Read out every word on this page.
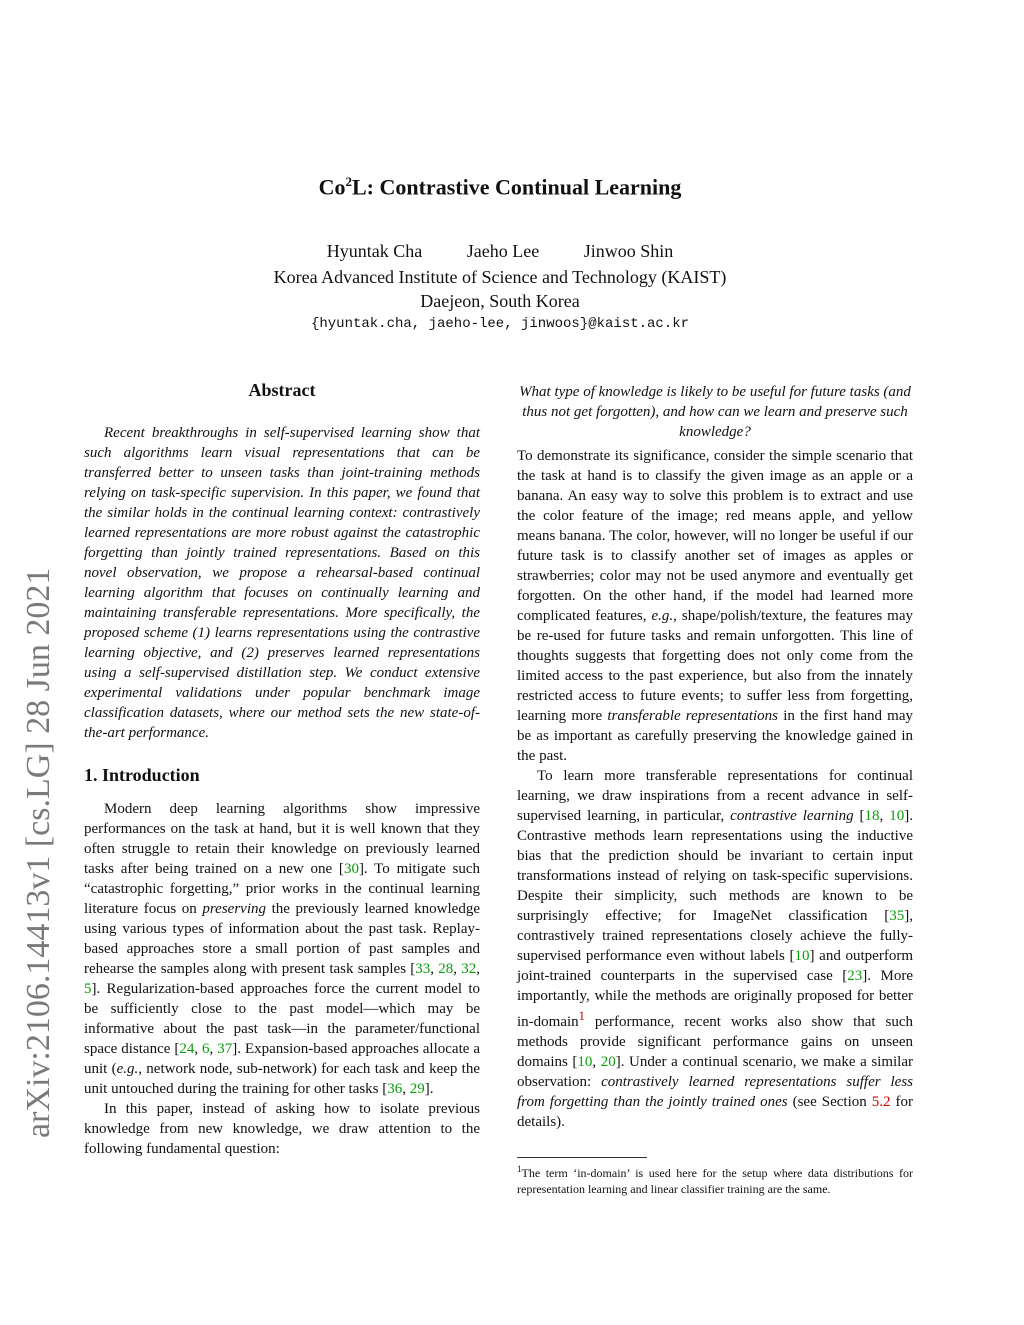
Co$^2$L: Contrastive Continual Learning
Hyuntak Cha Jaeho Lee Jinwoo Shin
Korea Advanced Institute of Science and Technology (KAIST)
Daejeon, South Korea
{hyuntak.cha, jaeho-lee, jinwoos}@kaist.ac.kr
arXiv:2106.14413v1 [cs.LG] 28 Jun 2021
Abstract

Recent breakthroughs in self-supervised learning show that such algorithms learn visual representations that can be transferred better to unseen tasks than joint-training methods relying on task-specific supervision. In this paper, we found that the similar holds in the continual learning context: contrastively learned representations are more robust against the catastrophic forgetting than jointly trained representations. Based on this novel observation, we propose a rehearsal-based continual learning algorithm that focuses on continually learning and maintaining transferable representations. More specifically, the proposed scheme (1) learns representations using the contrastive learning objective, and (2) preserves learned representations using a self-supervised distillation step. We conduct extensive experimental validations under popular benchmark image classification datasets, where our method sets the new state-of-the-art performance.

1. Introduction

Modern deep learning algorithms show impressive performances on the task at hand, but it is well known that they often struggle to retain their knowledge on previously learned tasks after being trained on a new one [30]. To mitigate such “catastrophic forgetting,” prior works in the continual learning literature focus on preserving the previously learned knowledge using various types of information about the past task. Replay-based approaches store a small portion of past samples and rehearse the samples along with present task samples [33, 28, 32, 5]. Regularization-based approaches force the current model to be sufficiently close to the past model—which may be informative about the past task—in the parameter/functional space distance [24, 6, 37]. Expansion-based approaches allocate a unit (e.g., network node, sub-network) for each task and keep the unit untouched during the training for other tasks [36, 29].

In this paper, instead of asking how to isolate previous knowledge from new knowledge, we draw attention to the following fundamental question:

What type of knowledge is likely to be useful for future tasks (and thus not get forgotten), and how can we learn and preserve such knowledge?

To demonstrate its significance, consider the simple scenario that the task at hand is to classify the given image as an apple or a banana. An easy way to solve this problem is to extract and use the color feature of the image; red means apple, and yellow means banana. The color, however, will no longer be useful if our future task is to classify another set of images as apples or strawberries; color may not be used anymore and eventually get forgotten. On the other hand, if the model had learned more complicated features, e.g., shape/polish/texture, the features may be re-used for future tasks and remain unforgotten. This line of thoughts suggests that forgetting does not only come from the limited access to the past experience, but also from the innately restricted access to future events; to suffer less from forgetting, learning more transferable representations in the first hand may be as important as carefully preserving the knowledge gained in the past.

To learn more transferable representations for continual learning, we draw inspirations from a recent advance in self-supervised learning, in particular, contrastive learning [18, 10]. Contrastive methods learn representations using the inductive bias that the prediction should be invariant to certain input transformations instead of relying on task-specific supervisions. Despite their simplicity, such methods are known to be surprisingly effective; for ImageNet classification [35], contrastively trained representations closely achieve the fully-supervised performance even without labels [10] and outperform joint-trained counterparts in the supervised case [23]. More importantly, while the methods are originally proposed for better in-domain$^1$ performance, recent works also show that such methods provide significant performance gains on unseen domains [10, 20]. Under a continual scenario, we make a similar observation: contrastively learned representations suffer less from forgetting than the jointly trained ones (see Section 5.2 for details).

$^1$The term ‘in-domain’ is used here for the setup where data distributions for representation learning and linear classifier training are the same.
